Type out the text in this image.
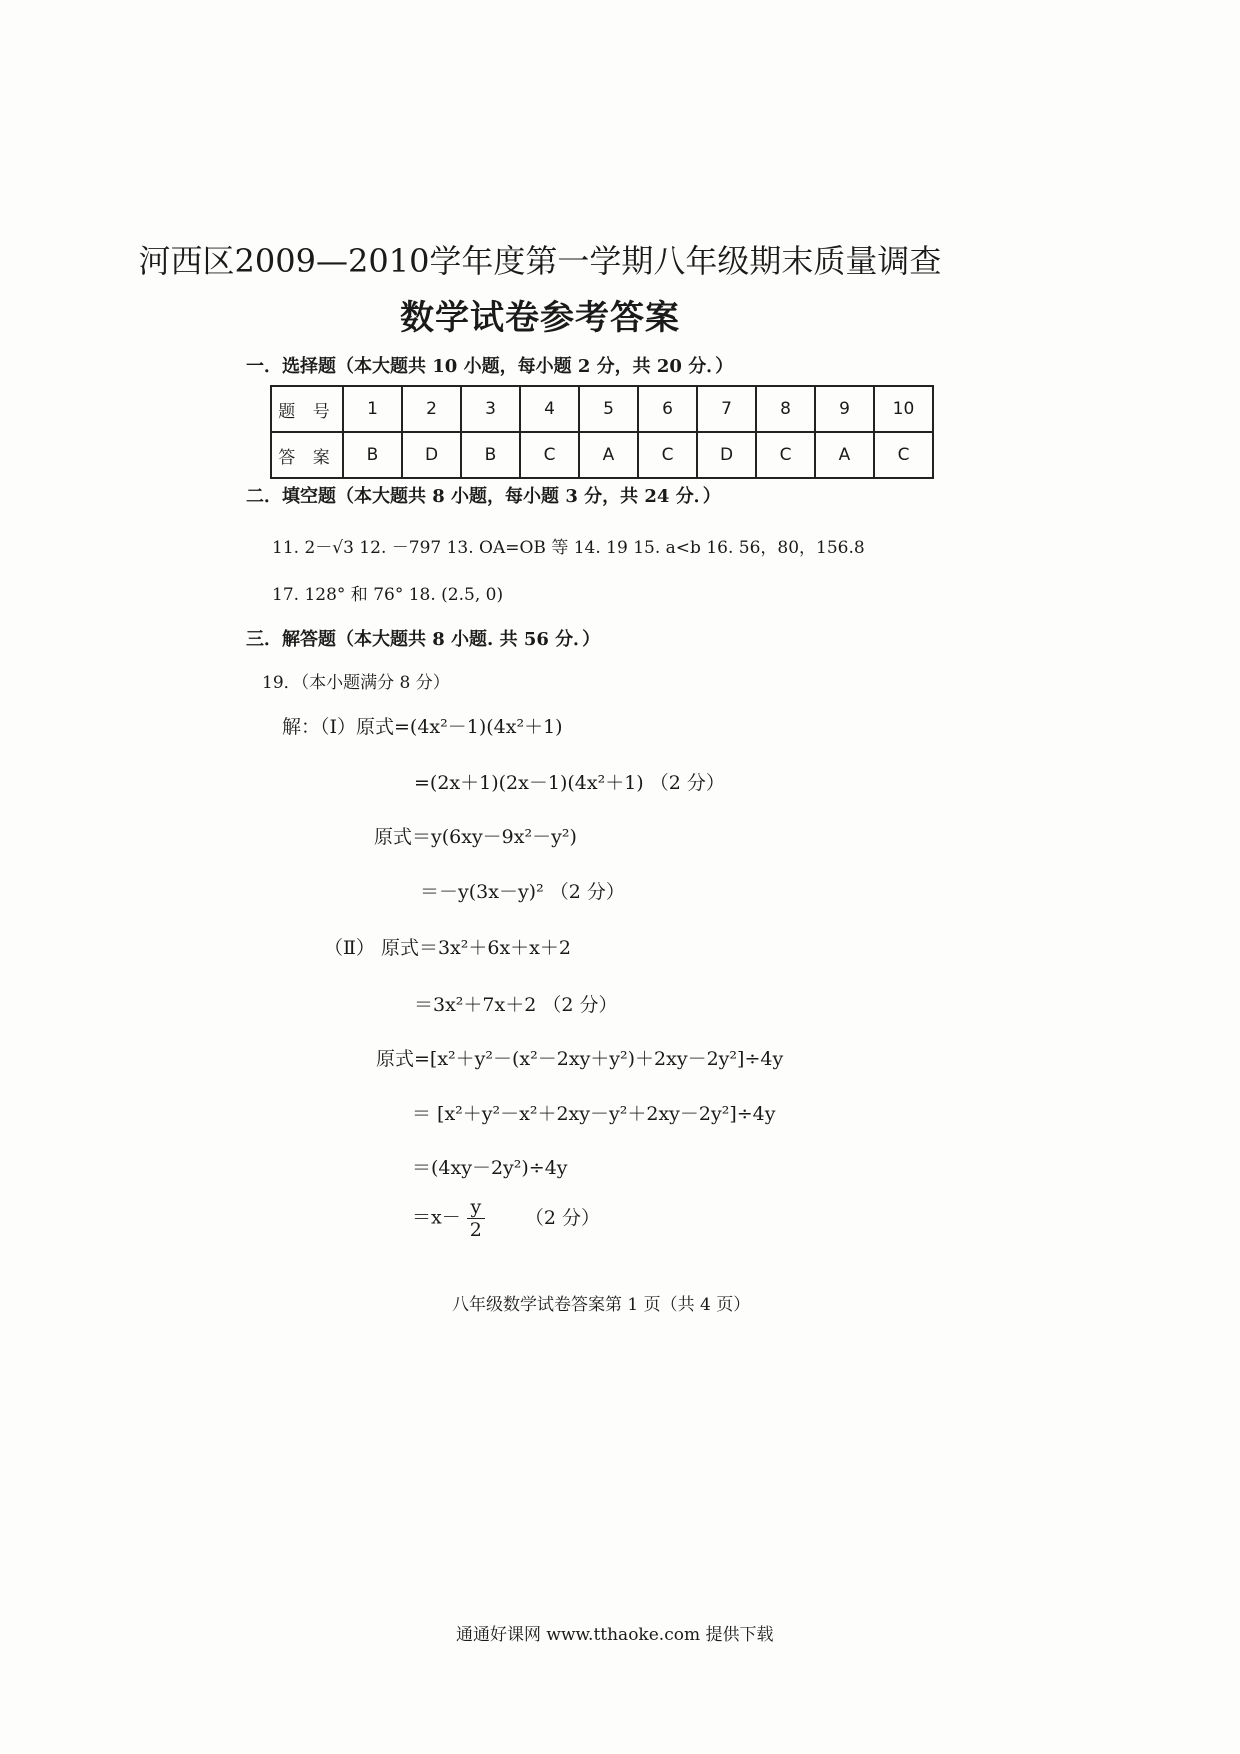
河西区2009—2010学年度第一学期八年级期末质量调查
数学试卷参考答案
一．选择题（本大题共 10 小题，每小题 2 分，共 20 分．）
题 号	1	2	3	4	5	6	7	8	9	10
答 案	B	D	B	C	A	C	D	C	A	C
二．填空题（本大题共 8 小题，每小题 3 分，共 24 分．）
11. 2－√3 12. －797 13. OA=OB 等 14. 19 15. a<b 16. 56，80，156.8
17. 128° 和 76° 18. (2.5, 0)
三．解答题（本大题共 8 小题. 共 56 分．）
19．（本小题满分 8 分）
解：（Ⅰ）原式=(4x²－1)(4x²＋1)
=(2x＋1)(2x－1)(4x²＋1) （2 分）
原式＝y(6xy－9x²－y²)
＝－y(3x－y)² （2 分）
（Ⅱ） 原式＝3x²＋6x＋x＋2
＝3x²＋7x＋2 （2 分）
原式=[x²＋y²－(x²－2xy＋y²)＋2xy－2y²]÷4y
＝ [x²＋y²－x²＋2xy－y²＋2xy－2y²]÷4y
＝(4xy－2y²)÷4y
$=x- \frac{y}{2} (2$ 分）
八年级数学试卷答案第 1 页（共 4 页）
通通好课网 www.tthaoke.com 提供下载
